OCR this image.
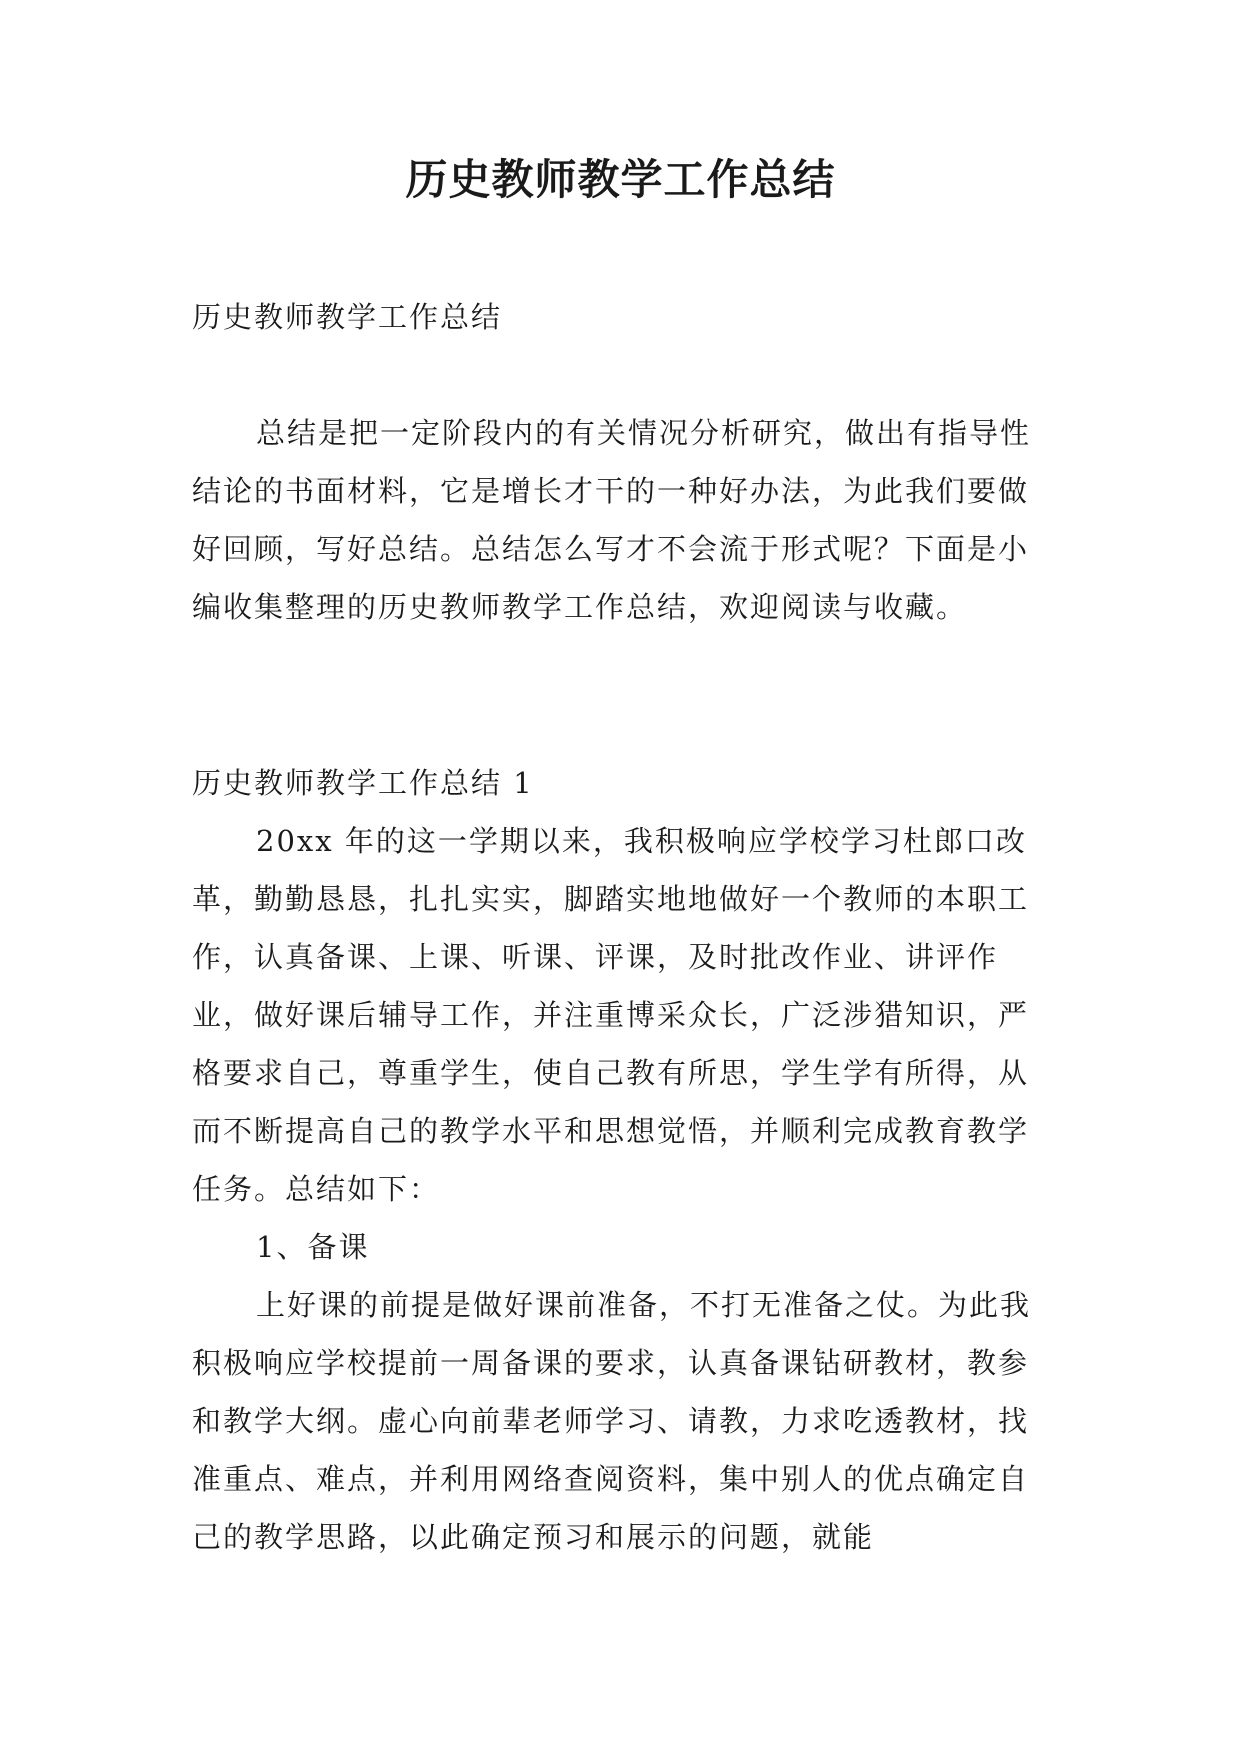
历史教师教学工作总结

历史教师教学工作总结

总结是把一定阶段内的有关情况分析研究，做出有指导性结论的书面材料，它是增长才干的一种好办法，为此我们要做好回顾，写好总结。总结怎么写才不会流于形式呢？下面是小编收集整理的历史教师教学工作总结，欢迎阅读与收藏。

历史教师教学工作总结 1

20xx 年的这一学期以来，我积极响应学校学习杜郎口改革，勤勤恳恳，扎扎实实，脚踏实地地做好一个教师的本职工作，认真备课、上课、听课、评课，及时批改作业、讲评作业，做好课后辅导工作，并注重博采众长，广泛涉猎知识，严格要求自己，尊重学生，使自己教有所思，学生学有所得，从而不断提高自己的教学水平和思想觉悟，并顺利完成教育教学任务。总结如下：

1、备课

上好课的前提是做好课前准备，不打无准备之仗。为此我积极响应学校提前一周备课的要求，认真备课钻研教材，教参和教学大纲。虚心向前辈老师学习、请教，力求吃透教材，找准重点、难点，并利用网络查阅资料，集中别人的优点确定自己的教学思路，以此确定预习和展示的问题，就能
